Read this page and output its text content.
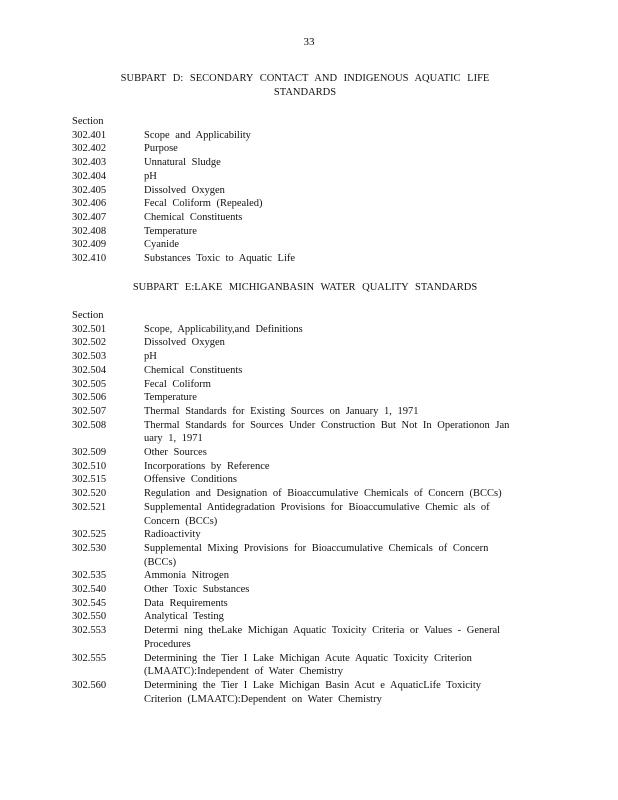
33
SUBPART D: SECONDARY CONTACT AND INDIGENOUS AQUATIC LIFE
STANDARDS
Section
302.401	Scope and Applicability
302.402	Purpose
302.403	Unnatural Sludge
302.404	pH
302.405	Dissolved Oxygen
302.406	Fecal Coliform (Repealed)
302.407	Chemical Constituents
302.408	Temperature
302.409	Cyanide
302.410	Substances Toxic to Aquatic Life
SUBPART E:LAKE MICHIGANBASIN WATER QUALITY STANDARDS
Section
302.501	Scope, Applicability,and Definitions
302.502	Dissolved Oxygen
302.503	pH
302.504	Chemical Constituents
302.505	Fecal Coliform
302.506	Temperature
302.507	Thermal Standards for Existing Sources on January 1, 1971
302.508	Thermal Standards for Sources Under Construction But Not In Operationon Jan uary 1, 1971
302.509	Other Sources
302.510	Incorporations by Reference
302.515	Offensive Conditions
302.520	Regulation and Designation of Bioaccumulative Chemicals of Concern (BCCs)
302.521	Supplemental Antidegradation Provisions for Bioaccumulative Chemic als of Concern (BCCs)
302.525	Radioactivity
302.530	Supplemental Mixing Provisions for Bioaccumulative Chemicals of Concern (BCCs)
302.535	Ammonia Nitrogen
302.540	Other Toxic Substances
302.545	Data Requirements
302.550	Analytical Testing
302.553	Determi ning theLake Michigan Aquatic Toxicity Criteria or Values - General Procedures
302.555	Determining the Tier I Lake Michigan Acute Aquatic Toxicity Criterion (LMAATC):Independent of Water Chemistry
302.560	Determining the Tier I Lake Michigan Basin Acut e AquaticLife Toxicity Criterion (LMAATC):Dependent on Water Chemistry
